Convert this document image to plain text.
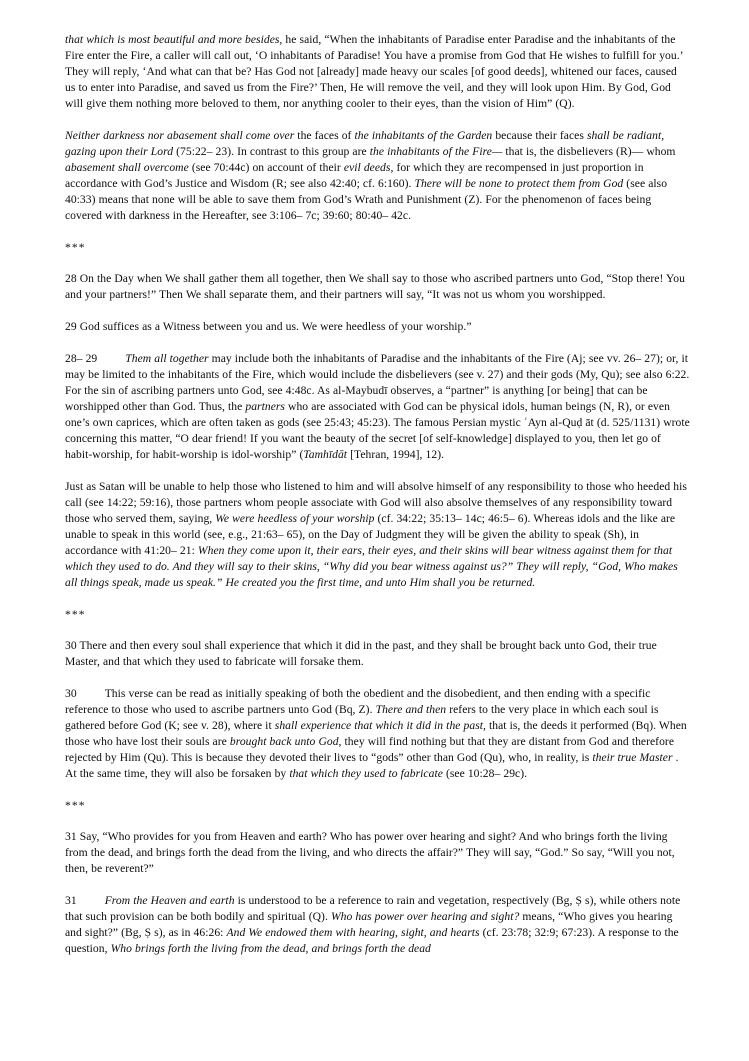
that which is most beautiful and more besides, he said, “When the inhabitants of Paradise enter Paradise and the inhabitants of the Fire enter the Fire, a caller will call out, ‘O inhabitants of Paradise! You have a promise from God that He wishes to fulfill for you.’ They will reply, ‘And what can that be? Has God not [already] made heavy our scales [of good deeds], whitened our faces, caused us to enter into Paradise, and saved us from the Fire?’ Then, He will remove the veil, and they will look upon Him. By God, God will give them nothing more beloved to them, nor anything cooler to their eyes, than the vision of Him” (Q).

Neither darkness nor abasement shall come over the faces of the inhabitants of the Garden because their faces shall be radiant, gazing upon their Lord (75:22– 23). In contrast to this group are the inhabitants of the Fire— that is, the disbelievers (R)— whom abasement shall overcome (see 70:44c) on account of their evil deeds, for which they are recompensed in just proportion in accordance with God’s Justice and Wisdom (R; see also 42:40; cf. 6:160). There will be none to protect them from God (see also 40:33) means that none will be able to save them from God’s Wrath and Punishment (Z). For the phenomenon of faces being covered with darkness in the Hereafter, see 3:106– 7c; 39:60; 80:40– 42c.

***

28 On the Day when We shall gather them all together, then We shall say to those who ascribed partners unto God, “Stop there! You and your partners!” Then We shall separate them, and their partners will say, “It was not us whom you worshipped.

29 God suffices as a Witness between you and us. We were heedless of your worship.”

28– 29 Them all together may include both the inhabitants of Paradise and the inhabitants of the Fire (Aj; see vv. 26– 27); or, it may be limited to the inhabitants of the Fire, which would include the disbelievers (see v. 27) and their gods (My, Qu); see also 6:22. For the sin of ascribing partners unto God, see 4:48c. As al-Maybudī observes, a “partner” is anything [or being] that can be worshipped other than God. Thus, the partners who are associated with God can be physical idols, human beings (N, R), or even one’s own caprices, which are often taken as gods (see 25:43; 45:23). The famous Persian mystic ʿAyn al-Quḍ āt (d. 525/1131) wrote concerning this matter, “O dear friend! If you want the beauty of the secret [of self-knowledge] displayed to you, then let go of habit-worship, for habit-worship is idol-worship” (Tamhīdāt [Tehran, 1994], 12).

Just as Satan will be unable to help those who listened to him and will absolve himself of any responsibility to those who heeded his call (see 14:22; 59:16), those partners whom people associate with God will also absolve themselves of any responsibility toward those who served them, saying, We were heedless of your worship (cf. 34:22; 35:13– 14c; 46:5– 6). Whereas idols and the like are unable to speak in this world (see, e.g., 21:63– 65), on the Day of Judgment they will be given the ability to speak (Sh), in accordance with 41:20– 21: When they come upon it, their ears, their eyes, and their skins will bear witness against them for that which they used to do. And they will say to their skins, “Why did you bear witness against us?” They will reply, “God, Who makes all things speak, made us speak.” He created you the first time, and unto Him shall you be returned.

***

30 There and then every soul shall experience that which it did in the past, and they shall be brought back unto God, their true Master, and that which they used to fabricate will forsake them.

30 This verse can be read as initially speaking of both the obedient and the disobedient, and then ending with a specific reference to those who used to ascribe partners unto God (Bq, Z). There and then refers to the very place in which each soul is gathered before God (K; see v. 28), where it shall experience that which it did in the past, that is, the deeds it performed (Bq). When those who have lost their souls are brought back unto God, they will find nothing but that they are distant from God and therefore rejected by Him (Qu). This is because they devoted their lives to “gods” other than God (Qu), who, in reality, is their true Master . At the same time, they will also be forsaken by that which they used to fabricate (see 10:28– 29c).

***

31 Say, “Who provides for you from Heaven and earth? Who has power over hearing and sight? And who brings forth the living from the dead, and brings forth the dead from the living, and who directs the affair?” They will say, “God.” So say, “Will you not, then, be reverent?”

31 From the Heaven and earth is understood to be a reference to rain and vegetation, respectively (Bg, Ṣ s), while others note that such provision can be both bodily and spiritual (Q). Who has power over hearing and sight? means, “Who gives you hearing and sight?” (Bg, Ṣ s), as in 46:26: And We endowed them with hearing, sight, and hearts (cf. 23:78; 32:9; 67:23). A response to the question, Who brings forth the living from the dead, and brings forth the dead
